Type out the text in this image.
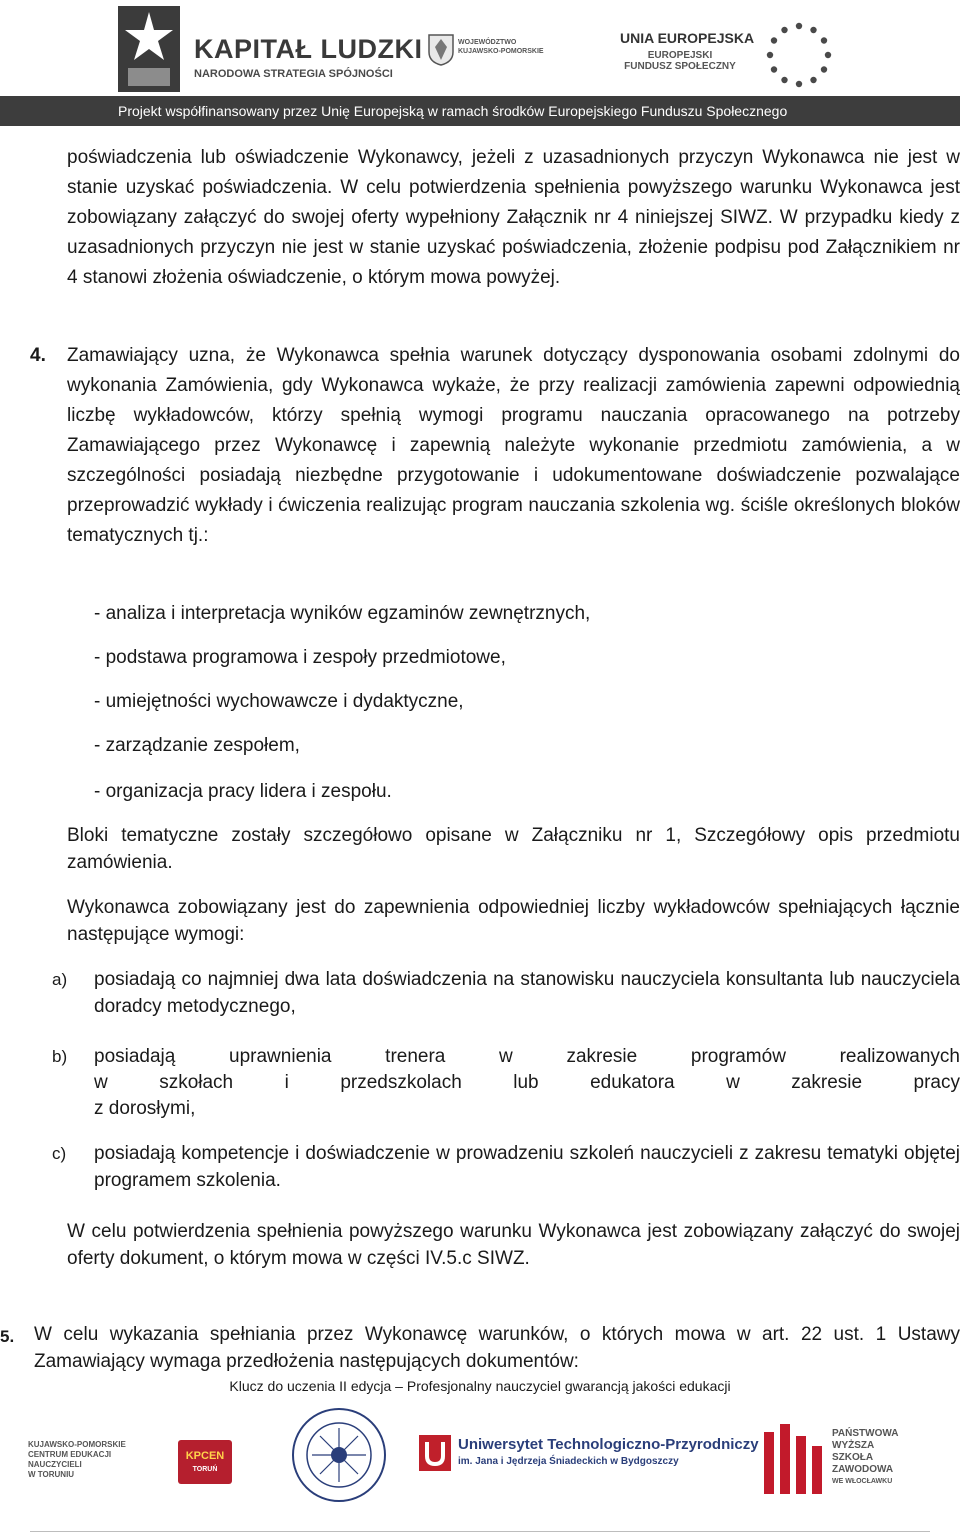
KAPITAŁ LUDZKI
NARODOWA STRATEGIA SPÓJNOŚCI
WOJEWÓDZTWO
KUJAWSKO-POMORSKIE
UNIA EUROPEJSKA
EUROPEJSKI
FUNDUSZ SPOŁECZNY
Projekt współfinansowany przez Unię Europejską w ramach środków Europejskiego Funduszu Społecznego

poświadczenia lub oświadczenie Wykonawcy, jeżeli z uzasadnionych przyczyn Wykonawca nie jest w stanie uzyskać poświadczenia. W celu potwierdzenia spełnienia powyższego warunku Wykonawca jest zobowiązany załączyć do swojej oferty wypełniony Załącznik nr 4 niniejszej SIWZ. W przypadku kiedy z uzasadnionych przyczyn nie jest w stanie uzyskać poświadczenia, złożenie podpisu pod Załącznikiem nr 4 stanowi złożenia oświadczenie, o którym mowa powyżej.

4. Zamawiający uzna, że Wykonawca spełnia warunek dotyczący dysponowania osobami zdolnymi do wykonania Zamówienia, gdy Wykonawca wykaże, że przy realizacji zamówienia zapewni odpowiednią liczbę wykładowców, którzy spełnią wymogi programu nauczania opracowanego na potrzeby Zamawiającego przez Wykonawcę i zapewnią należyte wykonanie przedmiotu zamówienia, a w szczególności posiadają niezbędne przygotowanie i udokumentowane doświadczenie pozwalające przeprowadzić wykłady i ćwiczenia realizując program nauczania szkolenia wg. ściśle określonych bloków tematycznych tj.:

- analiza i interpretacja wyników egzaminów zewnętrznych,
- podstawa programowa i zespoły przedmiotowe,
- umiejętności wychowawcze i dydaktyczne,
- zarządzanie zespołem,
- organizacja pracy lidera i zespołu.

Bloki tematyczne zostały szczegółowo opisane w Załączniku nr 1, Szczegółowy opis przedmiotu zamówienia.

Wykonawca zobowiązany jest do zapewnienia odpowiedniej liczby wykładowców spełniających łącznie następujące wymogi:

a) posiadają co najmniej dwa lata doświadczenia na stanowisku nauczyciela konsultanta lub nauczyciela doradcy metodycznego,

b) posiadają uprawnienia trenera w zakresie programów realizowanych

w szkołach i przedszkolach lub edukatora w zakresie pracy

z dorosłymi,

c) posiadają kompetencje i doświadczenie w prowadzeniu szkoleń nauczycieli z zakresu tematyki objętej programem szkolenia.

W celu potwierdzenia spełnienia powyższego warunku Wykonawca jest zobowiązany załączyć do swojej oferty dokument, o którym mowa w części IV.5.c SIWZ.

5. W celu wykazania spełniania przez Wykonawcę warunków, o których mowa w art. 22 ust. 1 Ustawy Zamawiający wymaga przedłożenia następujących dokumentów:

Klucz do uczenia II edycja – Profesjonalny nauczyciel gwarancją jakości edukacji
KUJAWSKO-POMORSKIE
CENTRUM EDUKACJI
NAUCZYCIELI
W TORUNIU
KPCEN
TORUŃ
Uniwersytet Technologiczno-Przyrodniczy
im. Jana i Jędrzeja Śniadeckich w Bydgoszczy
PAŃSTWOWA
WYŻSZA
SZKOŁA
ZAWODOWA
WE WŁOCŁAWKU
